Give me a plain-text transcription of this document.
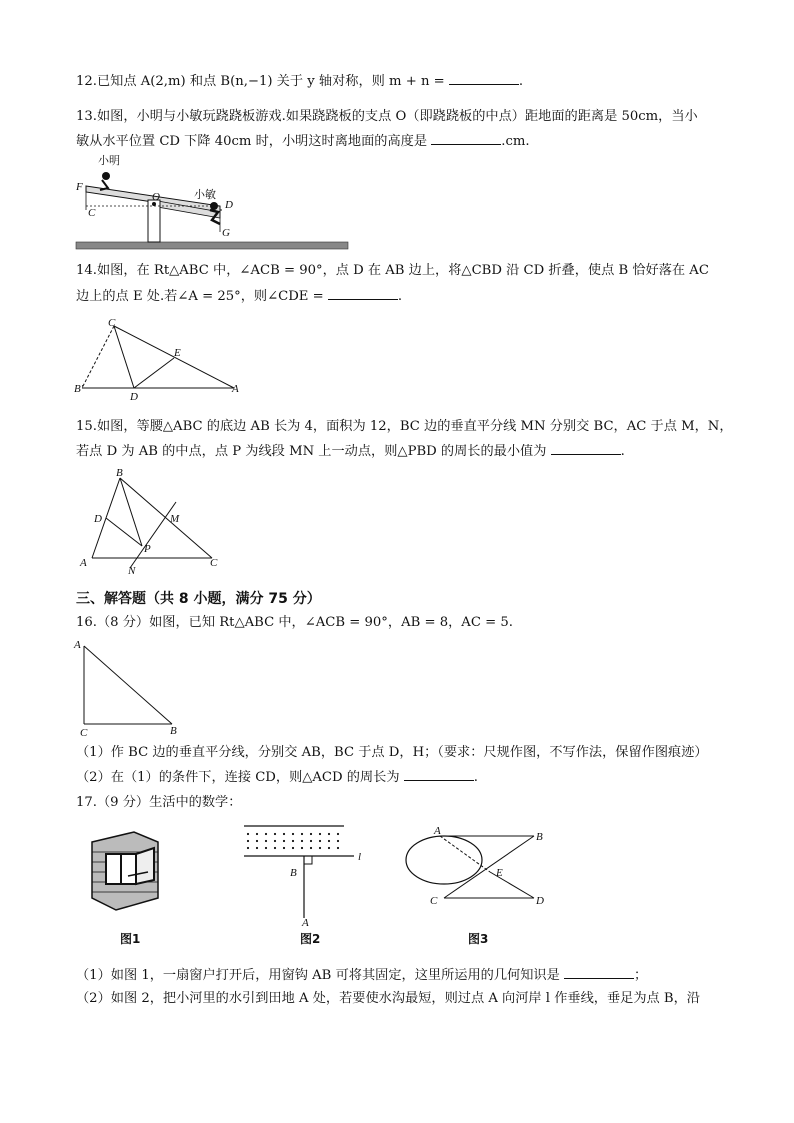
12.已知点 A(2,m) 和点 B(n,−1) 关于 y 轴对称，则 m + n =	.
13.如图，小明与小敏玩跷跷板游戏.如果跷跷板的支点 O（即跷跷板的中点）距地面的距离是 50cm，当小
敏从水平位置 CD 下降 40cm 时，小明这时离地面的高度是	.cm.
小明
小敏
F
C
O
D
G
14.如图，在 Rt△ABC 中，∠ACB = 90°，点 D 在 AB 边上，将△CBD 沿 CD 折叠，使点 B 恰好落在 AC
边上的点 E 处.若∠A = 25°，则∠CDE =	.
C
E
B'
D
A
15.如图，等腰△ABC 的底边 AB 长为 4，面积为 12，BC 边的垂直平分线 MN 分别交 BC，AC 于点 M，N，
若点 D 为 AB 的中点，点 P 为线段 MN 上一动点，则△PBD 的周长的最小值为	.
B
D	M
P
A
N
C
三、解答题（共 8 小题，满分 75 分）
16.（8 分）如图，已知 Rt△ABC 中，∠ACB = 90°，AB = 8，AC = 5.
A
C	B
（1）作 BC 边的垂直平分线，分别交 AB，BC 于点 D，H；（要求：尺规作图，不写作法，保留作图痕迹）
（2）在（1）的条件下，连接 CD，则△ACD 的周长为	.
17.（9 分）生活中的数学：
图1
l
B
A
图2
A	B
E
C	D
图3
（1）如图 1，一扇窗户打开后，用窗钩 AB 可将其固定，这里所运用的几何知识是	；
（2）如图 2，把小河里的水引到田地 A 处，若要使水沟最短，则过点 A 向河岸 l 作垂线，垂足为点 B，沿
